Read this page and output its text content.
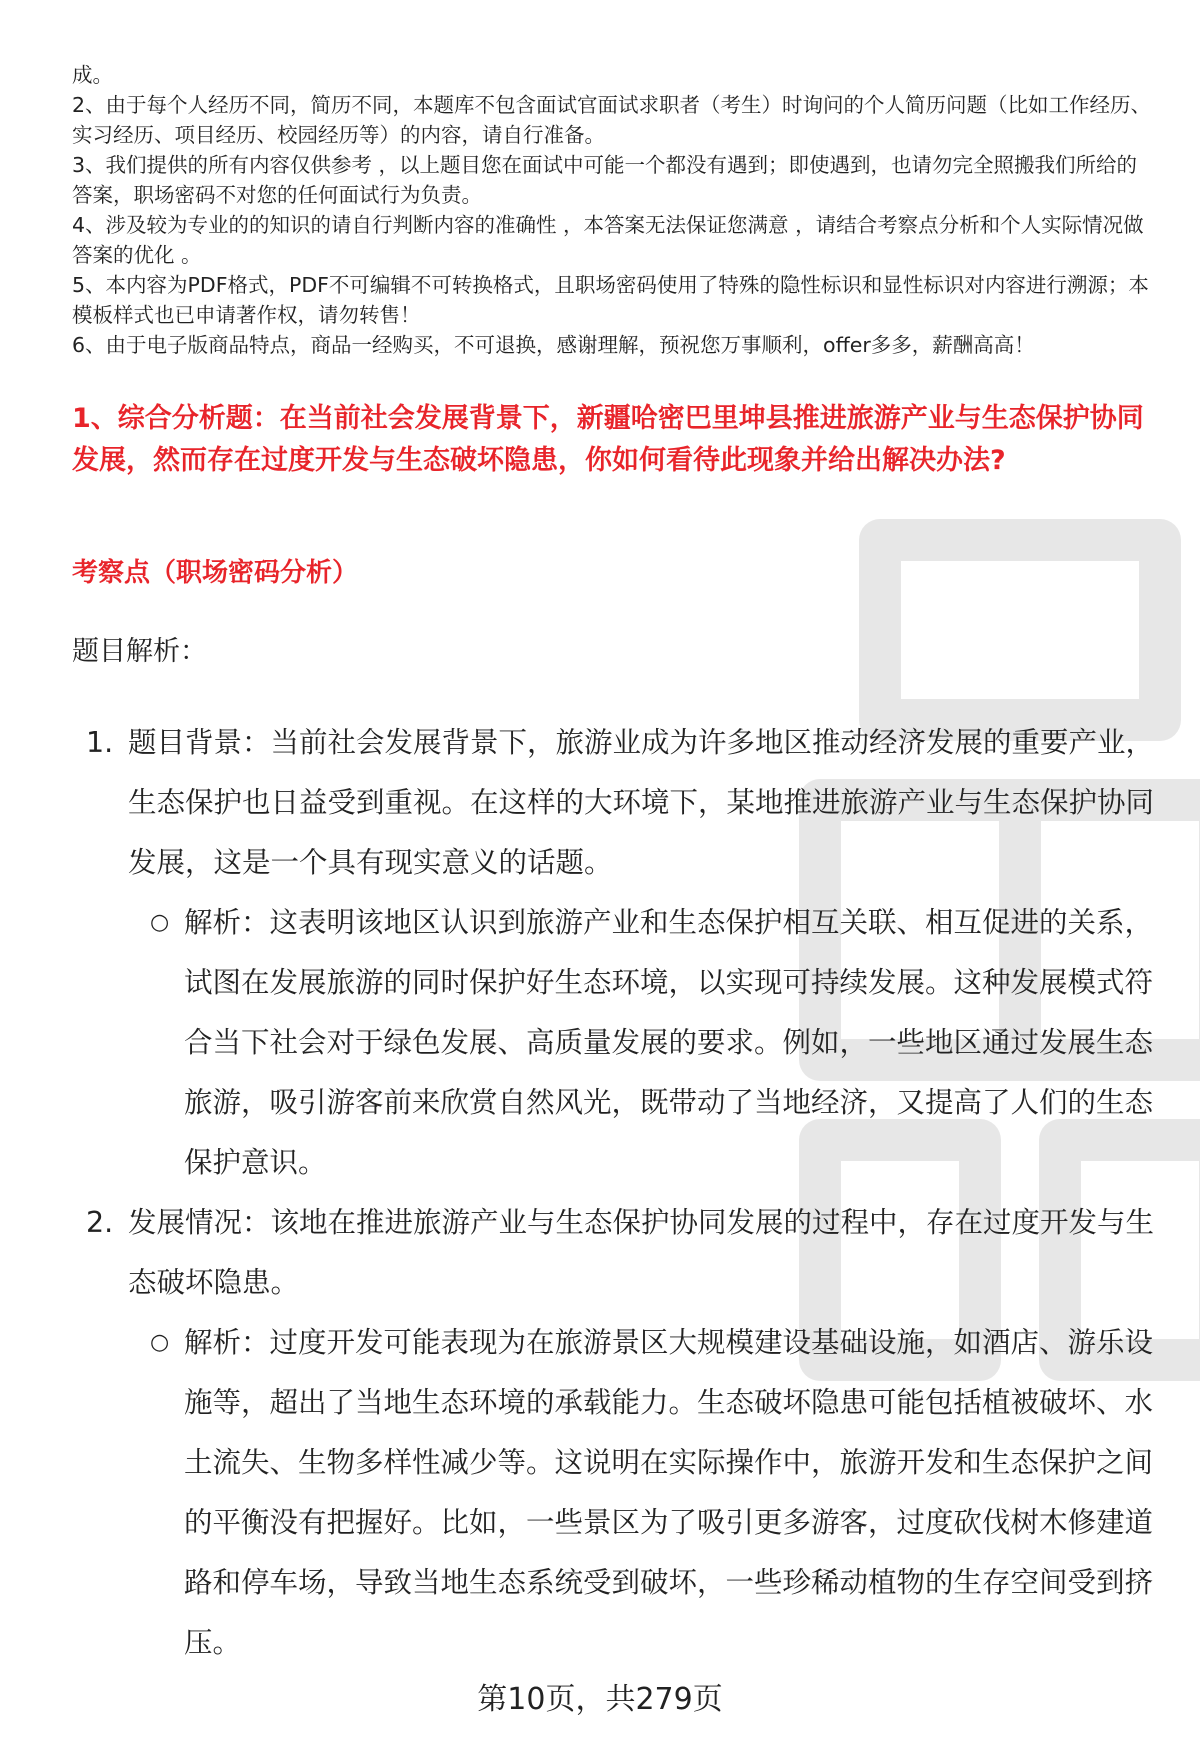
成。

2、由于每个人经历不同，简历不同，本题库不包含面试官面试求职者（考生）时询问的个人简历问题（比如工作经历、实习经历、项目经历、校园经历等）的内容，请自行准备。

3、我们提供的所有内容仅供参考 ，以上题目您在面试中可能一个都没有遇到；即使遇到，也请勿完全照搬我们所给的答案，职场密码不对您的任何面试行为负责。

4、涉及较为专业的的知识的请自行判断内容的准确性 ，本答案无法保证您满意 ，请结合考察点分析和个人实际情况做答案的优化 。

5、本内容为PDF格式，PDF不可编辑不可转换格式，且职场密码使用了特殊的隐性标识和显性标识对内容进行溯源；本模板样式也已申请著作权，请勿转售！

6、由于电子版商品特点，商品一经购买，不可退换，感谢理解，预祝您万事顺利，offer多多，薪酬高高！

1、综合分析题：在当前社会发展背景下，新疆哈密巴里坤县推进旅游产业与生态保护协同发展，然而存在过度开发与生态破坏隐患，你如何看待此现象并给出解决办法?
考察点（职场密码分析）

题目解析：

1. 题目背景：当前社会发展背景下，旅游业成为许多地区推动经济发展的重要产业，生态保护也日益受到重视。在这样的大环境下，某地推进旅游产业与生态保护协同发展，这是一个具有现实意义的话题。
○ 解析：这表明该地区认识到旅游产业和生态保护相互关联、相互促进的关系，试图在发展旅游的同时保护好生态环境，以实现可持续发展。这种发展模式符合当下社会对于绿色发展、高质量发展的要求。例如，一些地区通过发展生态旅游，吸引游客前来欣赏自然风光，既带动了当地经济，又提高了人们的生态保护意识。
2. 发展情况：该地在推进旅游产业与生态保护协同发展的过程中，存在过度开发与生态破坏隐患。
○ 解析：过度开发可能表现为在旅游景区大规模建设基础设施，如酒店、游乐设施等，超出了当地生态环境的承载能力。生态破坏隐患可能包括植被破坏、水土流失、生物多样性减少等。这说明在实际操作中，旅游开发和生态保护之间的平衡没有把握好。比如，一些景区为了吸引更多游客，过度砍伐树木修建道路和停车场，导致当地生态系统受到破坏，一些珍稀动植物的生存空间受到挤压。
第10页，共279页
